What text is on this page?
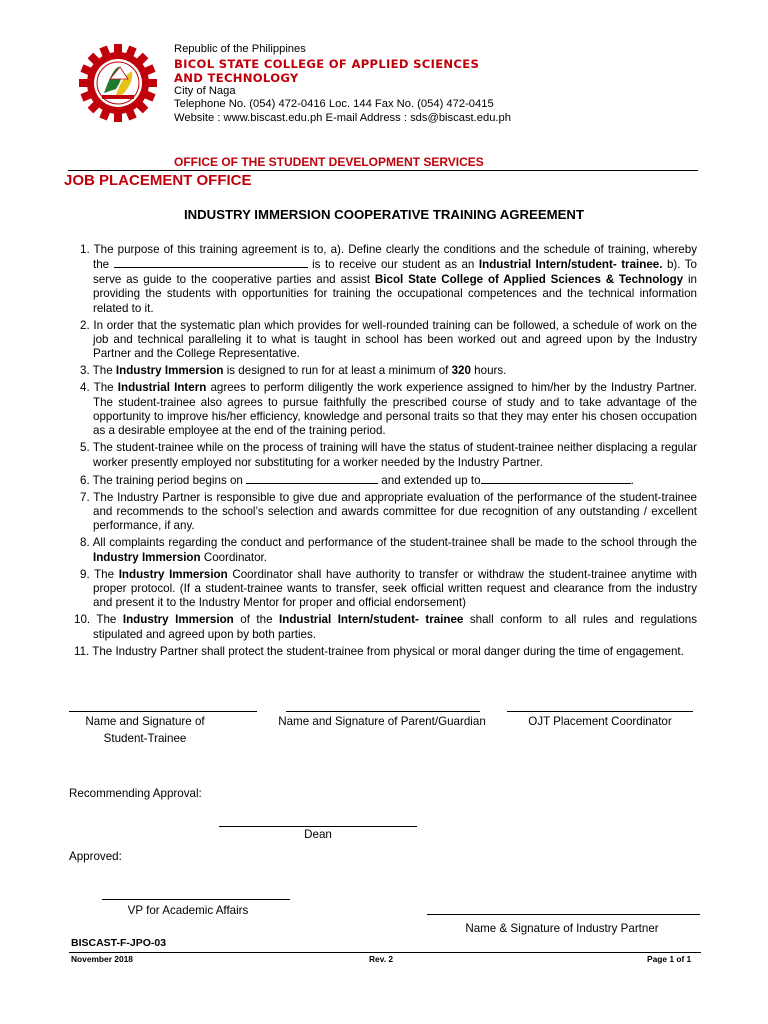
Republic of the Philippines
BICOL STATE COLLEGE OF APPLIED SCIENCES
AND TECHNOLOGY
City of Naga
Telephone No. (054) 472-0416 Loc. 144 Fax No. (054) 472-0415
Website : www.biscast.edu.ph E-mail Address : sds@biscast.edu.ph
OFFICE OF THE STUDENT DEVELOPMENT SERVICES
JOB PLACEMENT OFFICE
INDUSTRY IMMERSION COOPERATIVE TRAINING AGREEMENT
1. The purpose of this training agreement is to, a). Define clearly the conditions and the schedule of training, whereby the	is to receive our student as an Industrial Intern/student- trainee. b). To serve as guide to the cooperative parties and assist Bicol State College of Applied Sciences & Technology in providing the students with opportunities for training the occupational competences and the technical information related to it.
2. In order that the systematic plan which provides for well-rounded training can be followed, a schedule of work on the job and technical paralleling it to what is taught in school has been worked out and agreed upon by the Industry Partner and the College Representative.
3. The Industry Immersion is designed to run for at least a minimum of 320 hours.
4. The Industrial Intern agrees to perform diligently the work experience assigned to him/her by the Industry Partner. The student-trainee also agrees to pursue faithfully the prescribed course of study and to take advantage of the opportunity to improve his/her efficiency, knowledge and personal traits so that they may enter his chosen occupation as a desirable employee at the end of the training period.
5. The student-trainee while on the process of training will have the status of student-trainee neither displacing a regular worker presently employed nor substituting for a worker needed by the Industry Partner.
6. The training period begins on	and extended up to	.
7. The Industry Partner is responsible to give due and appropriate evaluation of the performance of the student-trainee and recommends to the school’s selection and awards committee for due recognition of any outstanding / excellent performance, if any.
8. All complaints regarding the conduct and performance of the student-trainee shall be made to the school through the Industry Immersion Coordinator.
9. The Industry Immersion Coordinator shall have authority to transfer or withdraw the student-trainee anytime with proper protocol. (If a student-trainee wants to transfer, seek official written request and clearance from the industry and present it to the Industry Mentor for proper and official endorsement)
10. The Industry Immersion of the Industrial Intern/student- trainee shall conform to all rules and regulations stipulated and agreed upon by both parties.
11. The Industry Partner shall protect the student-trainee from physical or moral danger during the time of engagement.
Name and Signature of
Student-Trainee
Name and Signature of Parent/Guardian	OJT Placement Coordinator
Recommending Approval:
Dean
Approved:
VP for Academic Affairs
Name & Signature of Industry Partner
BISCAST-F-JPO-03
November 2018	Rev. 2	Page 1 of 1
